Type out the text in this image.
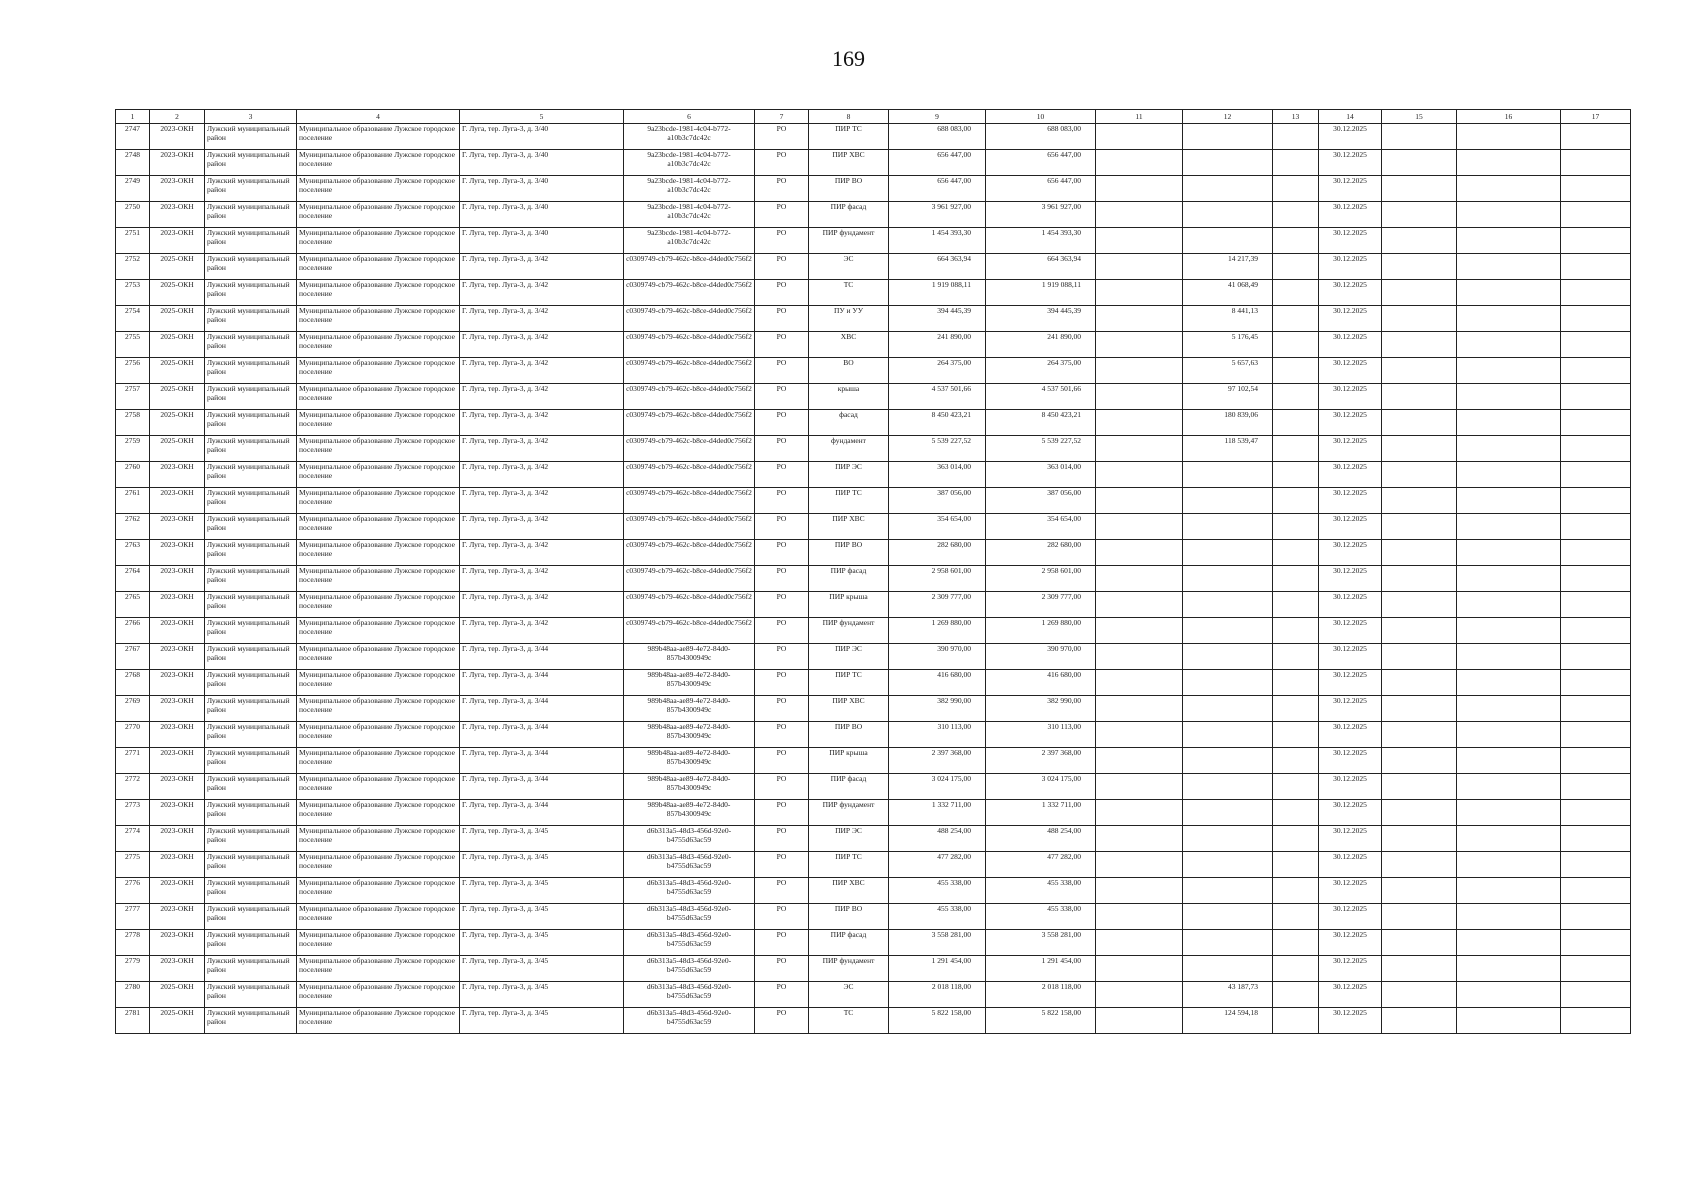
169
1	2	3	4	5	6	7	8	9	10	11	12	13	14	15	16	17
2747	2023-ОКН	Лужский муниципальный район	Муниципальное образование Лужское городское поселение	Г. Луга, тер. Луга-3, д. 3/40	9a23bcde-1981-4c04-b772-a10b3c7dc42c	РО	ПИР ТС	688 083,00	688 083,00				30.12.2025			
2748	2023-ОКН	Лужский муниципальный район	Муниципальное образование Лужское городское поселение	Г. Луга, тер. Луга-3, д. 3/40	9a23bcde-1981-4c04-b772-a10b3c7dc42c	РО	ПИР ХВС	656 447,00	656 447,00				30.12.2025			
2749	2023-ОКН	Лужский муниципальный район	Муниципальное образование Лужское городское поселение	Г. Луга, тер. Луга-3, д. 3/40	9a23bcde-1981-4c04-b772-a10b3c7dc42c	РО	ПИР ВО	656 447,00	656 447,00				30.12.2025			
2750	2023-ОКН	Лужский муниципальный район	Муниципальное образование Лужское городское поселение	Г. Луга, тер. Луга-3, д. 3/40	9a23bcde-1981-4c04-b772-a10b3c7dc42c	РО	ПИР фасад	3 961 927,00	3 961 927,00				30.12.2025			
2751	2023-ОКН	Лужский муниципальный район	Муниципальное образование Лужское городское поселение	Г. Луга, тер. Луга-3, д. 3/40	9a23bcde-1981-4c04-b772-a10b3c7dc42c	РО	ПИР фундамент	1 454 393,30	1 454 393,30				30.12.2025			
2752	2025-ОКН	Лужский муниципальный район	Муниципальное образование Лужское городское поселение	Г. Луга, тер. Луга-3, д. 3/42	c0309749-cb79-462c-b8ce-d4ded0c756f2	РО	ЭС	664 363,94	664 363,94		14 217,39		30.12.2025			
2753	2025-ОКН	Лужский муниципальный район	Муниципальное образование Лужское городское поселение	Г. Луга, тер. Луга-3, д. 3/42	c0309749-cb79-462c-b8ce-d4ded0c756f2	РО	ТС	1 919 088,11	1 919 088,11		41 068,49		30.12.2025			
2754	2025-ОКН	Лужский муниципальный район	Муниципальное образование Лужское городское поселение	Г. Луга, тер. Луга-3, д. 3/42	c0309749-cb79-462c-b8ce-d4ded0c756f2	РО	ПУ и УУ	394 445,39	394 445,39		8 441,13		30.12.2025			
2755	2025-ОКН	Лужский муниципальный район	Муниципальное образование Лужское городское поселение	Г. Луга, тер. Луга-3, д. 3/42	c0309749-cb79-462c-b8ce-d4ded0c756f2	РО	ХВС	241 890,00	241 890,00		5 176,45		30.12.2025			
2756	2025-ОКН	Лужский муниципальный район	Муниципальное образование Лужское городское поселение	Г. Луга, тер. Луга-3, д. 3/42	c0309749-cb79-462c-b8ce-d4ded0c756f2	РО	ВО	264 375,00	264 375,00		5 657,63		30.12.2025			
2757	2025-ОКН	Лужский муниципальный район	Муниципальное образование Лужское городское поселение	Г. Луга, тер. Луга-3, д. 3/42	c0309749-cb79-462c-b8ce-d4ded0c756f2	РО	крыша	4 537 501,66	4 537 501,66		97 102,54		30.12.2025			
2758	2025-ОКН	Лужский муниципальный район	Муниципальное образование Лужское городское поселение	Г. Луга, тер. Луга-3, д. 3/42	c0309749-cb79-462c-b8ce-d4ded0c756f2	РО	фасад	8 450 423,21	8 450 423,21		180 839,06		30.12.2025			
2759	2025-ОКН	Лужский муниципальный район	Муниципальное образование Лужское городское поселение	Г. Луга, тер. Луга-3, д. 3/42	c0309749-cb79-462c-b8ce-d4ded0c756f2	РО	фундамент	5 539 227,52	5 539 227,52		118 539,47		30.12.2025			
2760	2023-ОКН	Лужский муниципальный район	Муниципальное образование Лужское городское поселение	Г. Луга, тер. Луга-3, д. 3/42	c0309749-cb79-462c-b8ce-d4ded0c756f2	РО	ПИР ЭС	363 014,00	363 014,00				30.12.2025			
2761	2023-ОКН	Лужский муниципальный район	Муниципальное образование Лужское городское поселение	Г. Луга, тер. Луга-3, д. 3/42	c0309749-cb79-462c-b8ce-d4ded0c756f2	РО	ПИР ТС	387 056,00	387 056,00				30.12.2025			
2762	2023-ОКН	Лужский муниципальный район	Муниципальное образование Лужское городское поселение	Г. Луга, тер. Луга-3, д. 3/42	c0309749-cb79-462c-b8ce-d4ded0c756f2	РО	ПИР ХВС	354 654,00	354 654,00				30.12.2025			
2763	2023-ОКН	Лужский муниципальный район	Муниципальное образование Лужское городское поселение	Г. Луга, тер. Луга-3, д. 3/42	c0309749-cb79-462c-b8ce-d4ded0c756f2	РО	ПИР ВО	282 680,00	282 680,00				30.12.2025			
2764	2023-ОКН	Лужский муниципальный район	Муниципальное образование Лужское городское поселение	Г. Луга, тер. Луга-3, д. 3/42	c0309749-cb79-462c-b8ce-d4ded0c756f2	РО	ПИР фасад	2 958 601,00	2 958 601,00				30.12.2025			
2765	2023-ОКН	Лужский муниципальный район	Муниципальное образование Лужское городское поселение	Г. Луга, тер. Луга-3, д. 3/42	c0309749-cb79-462c-b8ce-d4ded0c756f2	РО	ПИР крыша	2 309 777,00	2 309 777,00				30.12.2025			
2766	2023-ОКН	Лужский муниципальный район	Муниципальное образование Лужское городское поселение	Г. Луга, тер. Луга-3, д. 3/42	c0309749-cb79-462c-b8ce-d4ded0c756f2	РО	ПИР фундамент	1 269 880,00	1 269 880,00				30.12.2025			
2767	2023-ОКН	Лужский муниципальный район	Муниципальное образование Лужское городское поселение	Г. Луга, тер. Луга-3, д. 3/44	989b48aa-ae89-4e72-84d0-857b4300949c	РО	ПИР ЭС	390 970,00	390 970,00				30.12.2025			
2768	2023-ОКН	Лужский муниципальный район	Муниципальное образование Лужское городское поселение	Г. Луга, тер. Луга-3, д. 3/44	989b48aa-ae89-4e72-84d0-857b4300949c	РО	ПИР ТС	416 680,00	416 680,00				30.12.2025			
2769	2023-ОКН	Лужский муниципальный район	Муниципальное образование Лужское городское поселение	Г. Луга, тер. Луга-3, д. 3/44	989b48aa-ae89-4e72-84d0-857b4300949c	РО	ПИР ХВС	382 990,00	382 990,00				30.12.2025			
2770	2023-ОКН	Лужский муниципальный район	Муниципальное образование Лужское городское поселение	Г. Луга, тер. Луга-3, д. 3/44	989b48aa-ae89-4e72-84d0-857b4300949c	РО	ПИР ВО	310 113,00	310 113,00				30.12.2025			
2771	2023-ОКН	Лужский муниципальный район	Муниципальное образование Лужское городское поселение	Г. Луга, тер. Луга-3, д. 3/44	989b48aa-ae89-4e72-84d0-857b4300949c	РО	ПИР крыша	2 397 368,00	2 397 368,00				30.12.2025			
2772	2023-ОКН	Лужский муниципальный район	Муниципальное образование Лужское городское поселение	Г. Луга, тер. Луга-3, д. 3/44	989b48aa-ae89-4e72-84d0-857b4300949c	РО	ПИР фасад	3 024 175,00	3 024 175,00				30.12.2025			
2773	2023-ОКН	Лужский муниципальный район	Муниципальное образование Лужское городское поселение	Г. Луга, тер. Луга-3, д. 3/44	989b48aa-ae89-4e72-84d0-857b4300949c	РО	ПИР фундамент	1 332 711,00	1 332 711,00				30.12.2025			
2774	2023-ОКН	Лужский муниципальный район	Муниципальное образование Лужское городское поселение	Г. Луга, тер. Луга-3, д. 3/45	d6b313a5-48d3-456d-92e0-b4755d63ac59	РО	ПИР ЭС	488 254,00	488 254,00				30.12.2025			
2775	2023-ОКН	Лужский муниципальный район	Муниципальное образование Лужское городское поселение	Г. Луга, тер. Луга-3, д. 3/45	d6b313a5-48d3-456d-92e0-b4755d63ac59	РО	ПИР ТС	477 282,00	477 282,00				30.12.2025			
2776	2023-ОКН	Лужский муниципальный район	Муниципальное образование Лужское городское поселение	Г. Луга, тер. Луга-3, д. 3/45	d6b313a5-48d3-456d-92e0-b4755d63ac59	РО	ПИР ХВС	455 338,00	455 338,00				30.12.2025			
2777	2023-ОКН	Лужский муниципальный район	Муниципальное образование Лужское городское поселение	Г. Луга, тер. Луга-3, д. 3/45	d6b313a5-48d3-456d-92e0-b4755d63ac59	РО	ПИР ВО	455 338,00	455 338,00				30.12.2025			
2778	2023-ОКН	Лужский муниципальный район	Муниципальное образование Лужское городское поселение	Г. Луга, тер. Луга-3, д. 3/45	d6b313a5-48d3-456d-92e0-b4755d63ac59	РО	ПИР фасад	3 558 281,00	3 558 281,00				30.12.2025			
2779	2023-ОКН	Лужский муниципальный район	Муниципальное образование Лужское городское поселение	Г. Луга, тер. Луга-3, д. 3/45	d6b313a5-48d3-456d-92e0-b4755d63ac59	РО	ПИР фундамент	1 291 454,00	1 291 454,00				30.12.2025			
2780	2025-ОКН	Лужский муниципальный район	Муниципальное образование Лужское городское поселение	Г. Луга, тер. Луга-3, д. 3/45	d6b313a5-48d3-456d-92e0-b4755d63ac59	РО	ЭС	2 018 118,00	2 018 118,00		43 187,73		30.12.2025			
2781	2025-ОКН	Лужский муниципальный район	Муниципальное образование Лужское городское поселение	Г. Луга, тер. Луга-3, д. 3/45	d6b313a5-48d3-456d-92e0-b4755d63ac59	РО	ТС	5 822 158,00	5 822 158,00		124 594,18		30.12.2025			
